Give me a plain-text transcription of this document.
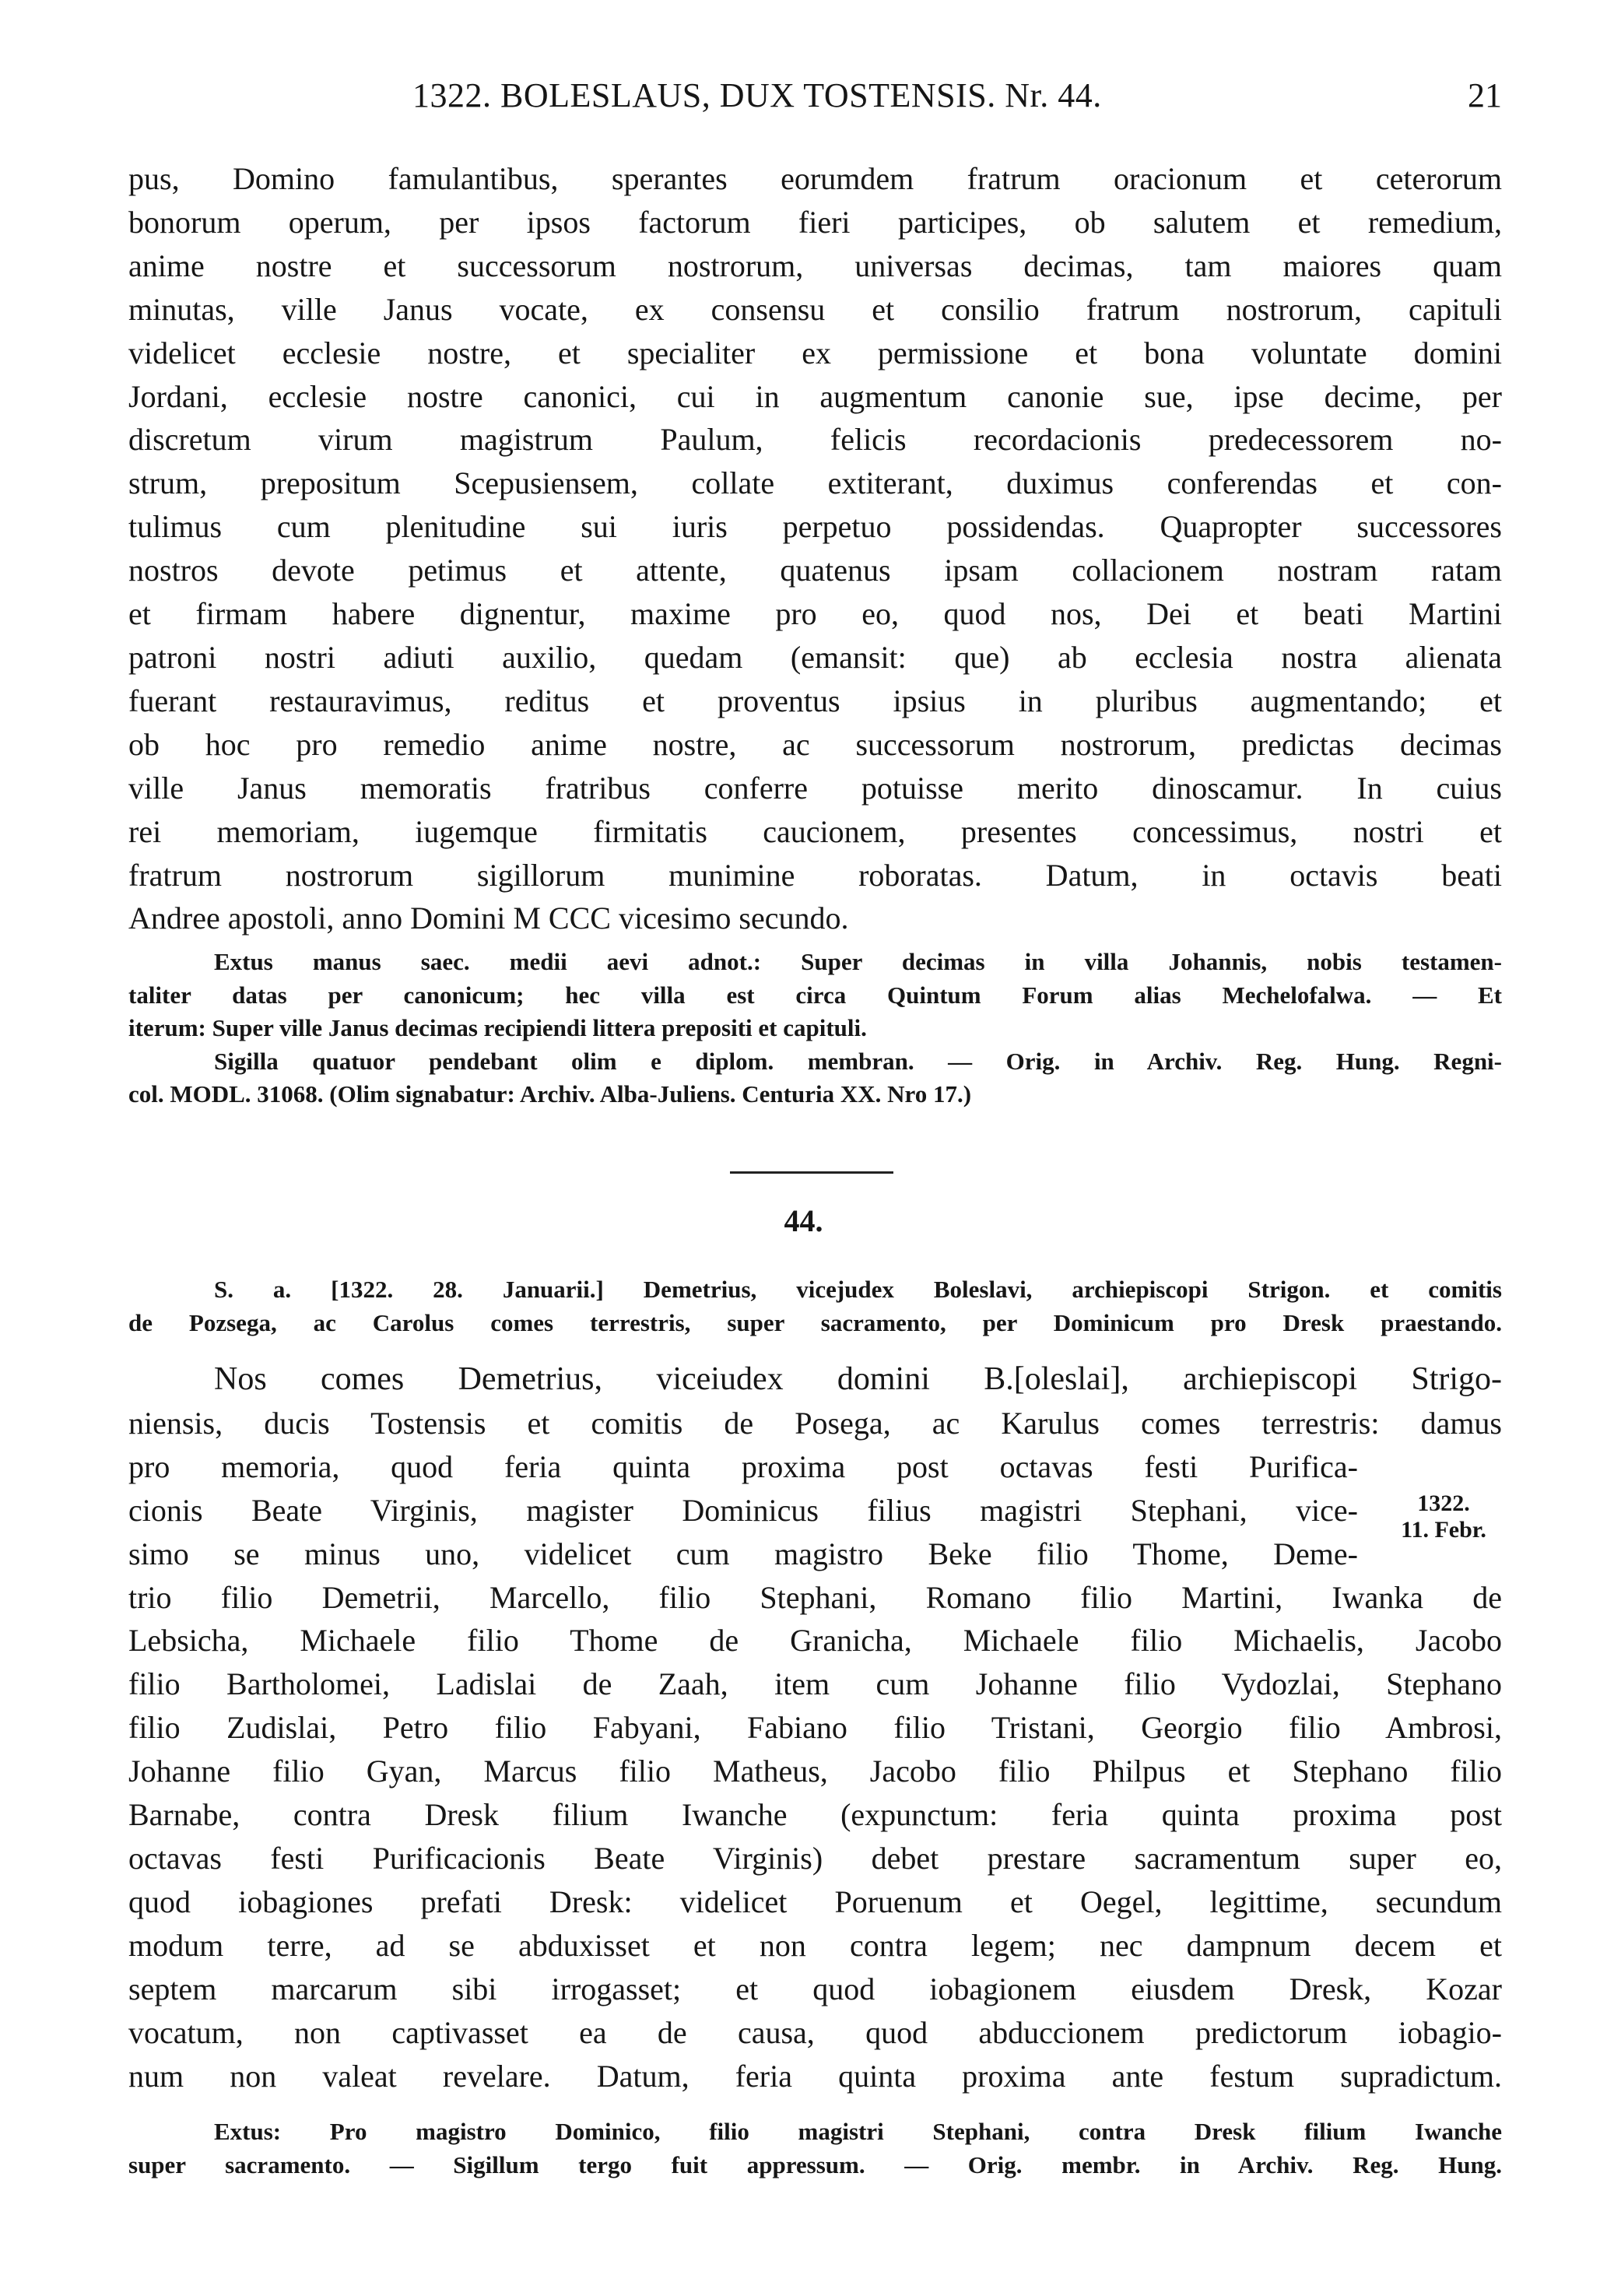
1322. BOLESLAUS, DUX TOSTENSIS. Nr. 44.	21
pus, Domino famulantibus, sperantes eorumdem fratrum oracionum et ceterorum
bonorum operum, per ipsos factorum fieri participes, ob salutem et remedium,
anime nostre et successorum nostrorum, universas decimas, tam maiores quam
minutas, ville Janus vocate, ex consensu et consilio fratrum nostrorum, capituli
videlicet ecclesie nostre, et specialiter ex permissione et bona voluntate domini
Jordani, ecclesie nostre canonici, cui in augmentum canonie sue, ipse decime, per
discretum virum magistrum Paulum, felicis recordacionis predecessorem no-
strum, prepositum Scepusiensem, collate extiterant, duximus conferendas et con-
tulimus cum plenitudine sui iuris perpetuo possidendas. Quapropter successores
nostros devote petimus et attente, quatenus ipsam collacionem nostram ratam
et firmam habere dignentur, maxime pro eo, quod nos, Dei et beati Martini
patroni nostri adiuti auxilio, quedam (emansit: que) ab ecclesia nostra alienata
fuerant restauravimus, reditus et proventus ipsius in pluribus augmentando; et
ob hoc pro remedio anime nostre, ac successorum nostrorum, predictas decimas
ville Janus memoratis fratribus conferre potuisse merito dinoscamur. In cuius
rei memoriam, iugemque firmitatis caucionem, presentes concessimus, nostri et
fratrum nostrorum sigillorum munimine roboratas. Datum, in octavis beati
Andree apostoli, anno Domini M CCC vicesimo secundo.
Extus manus saec. medii aevi adnot.: Super decimas in villa Johannis, nobis testamen-
taliter datas per canonicum; hec villa est circa Quintum Forum alias Mechelofalwa. — Et
iterum: Super ville Janus decimas recipiendi littera prepositi et capituli.
Sigilla quatuor pendebant olim e diplom. membran. — Orig. in Archiv. Reg. Hung. Regni-
col. MODL. 31068. (Olim signabatur: Archiv. Alba-Juliens. Centuria XX. Nro 17.)
44.
S. a. [1322. 28. Januarii.] Demetrius, vicejudex Boleslavi, archiepiscopi Strigon. et comitis
de Pozsega, ac Carolus comes terrestris, super sacramento, per Dominicum pro Dresk praestando.
Nos comes Demetrius, viceiudex domini B.[oleslai], archiepiscopi Strigo-
niensis, ducis Tostensis et comitis de Posega, ac Karulus comes terrestris: damus
pro memoria, quod feria quinta proxima post octavas festi Purifica-
cionis Beate Virginis, magister Dominicus filius magistri Stephani, vice-
simo se minus uno, videlicet cum magistro Beke filio Thome, Deme-
trio filio Demetrii, Marcello, filio Stephani, Romano filio Martini, Iwanka de
Lebsicha, Michaele filio Thome de Granicha, Michaele filio Michaelis, Jacobo
filio Bartholomei, Ladislai de Zaah, item cum Johanne filio Vydozlai, Stephano
filio Zudislai, Petro filio Fabyani, Fabiano filio Tristani, Georgio filio Ambrosi,
Johanne filio Gyan, Marcus filio Matheus, Jacobo filio Philpus et Stephano filio
Barnabe, contra Dresk filium Iwanche (expunctum: feria quinta proxima post
octavas festi Purificacionis Beate Virginis) debet prestare sacramentum super eo,
quod iobagiones prefati Dresk: videlicet Poruenum et Oegel, legittime, secundum
modum terre, ad se abduxisset et non contra legem; nec dampnum decem et
septem marcarum sibi irrogasset; et quod iobagionem eiusdem Dresk, Kozar
vocatum, non captivasset ea de causa, quod abduccionem predictorum iobagio-
num non valeat revelare. Datum, feria quinta proxima ante festum supradictum.
1322.
11. Febr.
Extus: Pro magistro Dominico, filio magistri Stephani, contra Dresk filium Iwanche
super sacramento. — Sigillum tergo fuit appressum. — Orig. membr. in Archiv. Reg. Hung.
